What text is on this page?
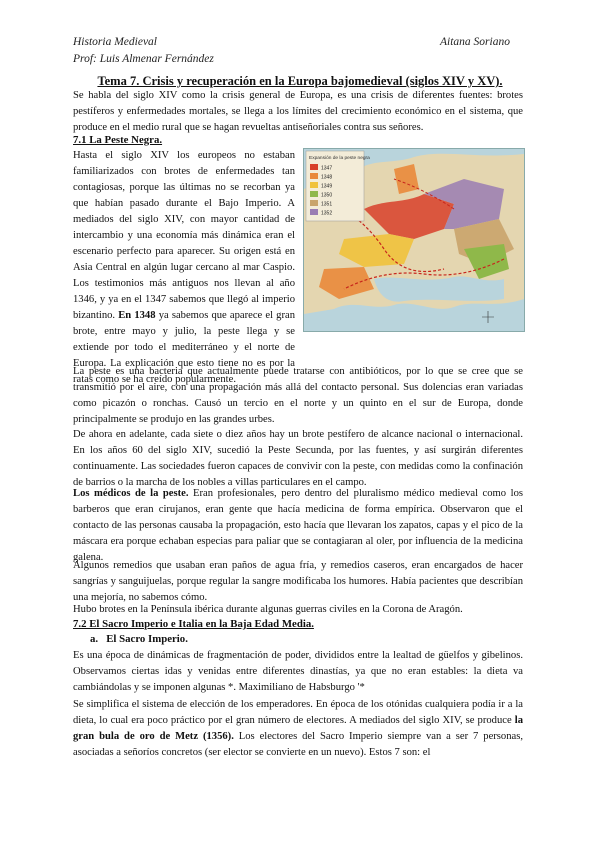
Historia Medieval	Aitana Soriano
Prof: Luis Almenar Fernández
Tema 7. Crisis y recuperación en la Europa bajomedieval (siglos XIV y XV).

Se habla del siglo XIV como la crisis general de Europa, es una crisis de diferentes fuentes: brotes pestíferos y enfermedades mortales, se llega a los límites del crecimiento económico en el sistema, que produce en el medio rural que se hagan revueltas antiseñoriales contra sus señores.

7.1 La Peste Negra.

Hasta el siglo XIV los europeos no estaban familiarizados con brotes de enfermedades tan contagiosas, porque las últimas no se recorban ya que habían pasado durante el Bajo Imperio. A mediados del siglo XIV, con mayor cantidad de intercambio y una economía más dinámica eran el escenario perfecto para aparecer. Su origen está en Asia Central en algún lugar cercano al mar Caspio. Los testimonios más antiguos nos llevan al año 1346, y ya en el 1347 sabemos que llegó al imperio bizantino. En 1348 ya sabemos que aparece el gran brote, entre mayo y julio, la peste llega y se extiende por todo el mediterráneo y el norte de Europa. La explicación que esto tiene no es por la ratas como se ha creído popularmente.

Expansión de la peste negra
1347
1348
1349
1350
1351
1352

La peste es una bacteria que actualmente puede tratarse con antibióticos, por lo que se cree que se transmitió por el aire, con una propagación más allá del contacto personal. Sus dolencias eran variadas como picazón o ronchas. Causó un tercio en el norte y un quinto en el sur de Europa, donde principalmente se produjo en las grandes urbes.

De ahora en adelante, cada siete o diez años hay un brote pestífero de alcance nacional o internacional. En los años 60 del siglo XIV, sucedió la Peste Secunda, por las fuentes, y así surgirán diferentes continuamente. Las sociedades fueron capaces de convivir con la peste, con medidas como la confinación de barrios o la marcha de los nobles a villas particulares en el campo.

Los médicos de la peste. Eran profesionales, pero dentro del pluralismo médico medieval como los barberos que eran cirujanos, eran gente que hacía medicina de forma empírica. Observaron que el contacto de las personas causaba la propagación, esto hacía que llevaran los zapatos, capas y el pico de la máscara era porque echaban especias para paliar que se contagiaran al oler, por influencia de la medicina galena.

Algunos remedios que usaban eran paños de agua fría, y remedios caseros, eran encargados de hacer sangrías y sanguijuelas, porque regular la sangre modificaba los humores. Había pacientes que describían una mejoría, no sabemos cómo.

Hubo brotes en la Península ibérica durante algunas guerras civiles en la Corona de Aragón.

7.2 El Sacro Imperio e Italia en la Baja Edad Media.
a. El Sacro Imperio.

Es una época de dinámicas de fragmentación de poder, divididos entre la lealtad de güelfos y gibelinos. Observamos ciertas idas y venidas entre diferentes dinastías, ya que no eran estables: la dieta va cambiándolas y se imponen algunas *. Maximiliano de Habsburgo '*

Se simplifica el sistema de elección de los emperadores. En época de los otónidas cualquiera podía ir a la dieta, lo cual era poco práctico por el gran número de electores. A mediados del siglo XIV, se produce la gran bula de oro de Metz (1356). Los electores del Sacro Imperio siempre van a ser 7 personas, asociadas a señoríos concretos (ser elector se convierte en un nuevo). Estos 7 son: el
